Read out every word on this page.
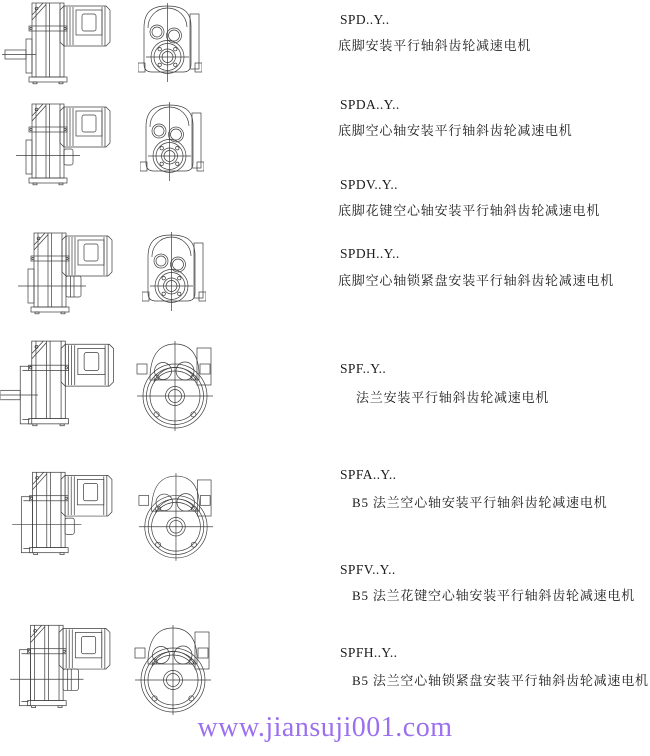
SPD..Y..
底脚安装平行轴斜齿轮减速电机
SPDA..Y..
底脚空心轴安装平行轴斜齿轮减速电机
SPDV..Y..
底脚花键空心轴安装平行轴斜齿轮减速电机
SPDH..Y..
底脚空心轴锁紧盘安装平行轴斜齿轮减速电机
SPF..Y..
法兰安装平行轴斜齿轮减速电机
SPFA..Y..
B5 法兰空心轴安装平行轴斜齿轮减速电机
SPFV..Y..
B5 法兰花键空心轴安装平行轴斜齿轮减速电机
SPFH..Y..
B5 法兰空心轴锁紧盘安装平行轴斜齿轮减速电机
www.jiansuji001.com
